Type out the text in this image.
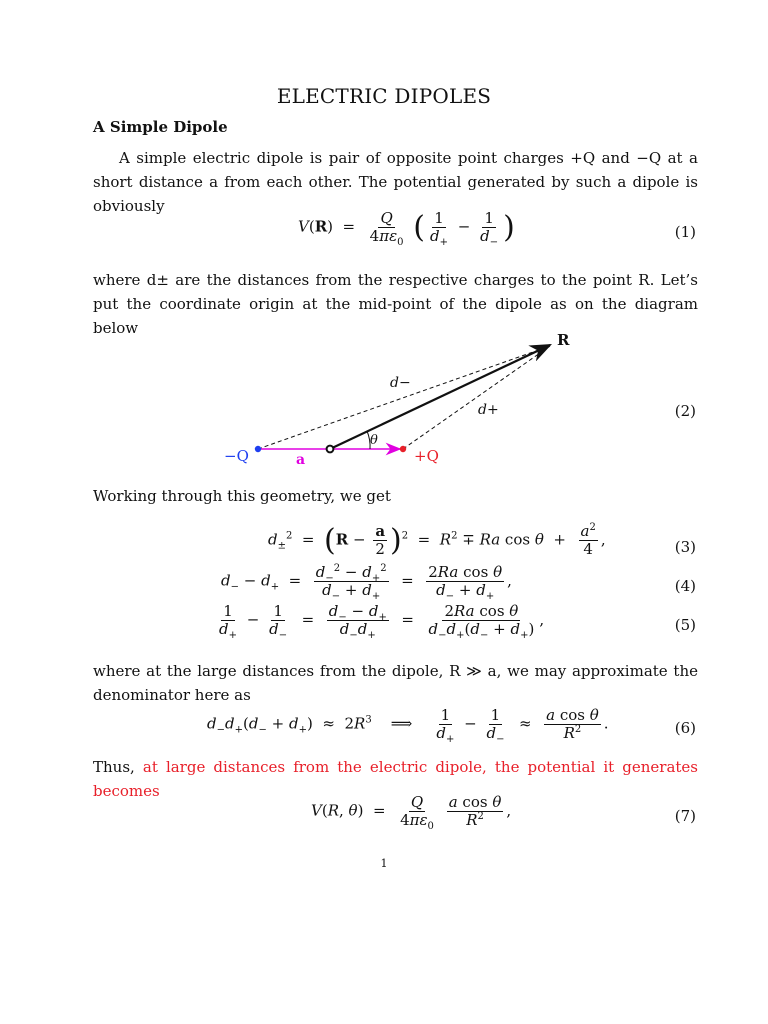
ELECTRIC DIPOLES
A Simple Dipole
A simple electric dipole is pair of opposite point charges +Q and −Q at a short distance a from each other. The potential generated by such a dipole is obviously
$V(R) = \frac{Q}{4\pi\varepsilon_0}$ ( $\frac{1}{d_+} - \frac{1}{d_-}$ )	(1)
where d± are the distances from the respective charges to the point R. Let’s put the coordinate origin at the mid-point of the dipole as on the diagram below
R
d−
d+
θ
−Q	+Q
a
(2)
Working through this geometry, we get
$d_\pm^2 = (R - \frac{a}{2} )^2 = R^2 \mp Ra$ $\cos \theta + \frac{a^2}{4}$ ,	(3)
$d_- - d_+ = \frac{d_-^2 - d_+^2}{d_- + d_+} = \frac{\text{2Ra cos θ}}{d_- + d_+}$ ,	(4)
$\frac{1}{d_+} - \frac{1}{d_-} = \frac{d_- - d_+}{d_-d_+} = \frac{\text{2Ra cos θ}}{d_-d_+(d_- + d_+)}$ ,	(5)
where at the large distances from the dipole, R ≫ a, we may approximate the denominator here as
$d_-d_+(d_- + d_+) \approx 2R^3$    ⟹ $\frac{1}{d_+} - \frac{1}{d_-} \approx \frac{\text{a cos θ}}{R^2}$ .	(6)
Thus, at large distances from the electric dipole, the potential it generates becomes
V(R, $\theta) = \frac{Q}{4\pi\varepsilon_0}$
$\frac{\text{a cos θ}}{R^2}$ ,	(7)
1
